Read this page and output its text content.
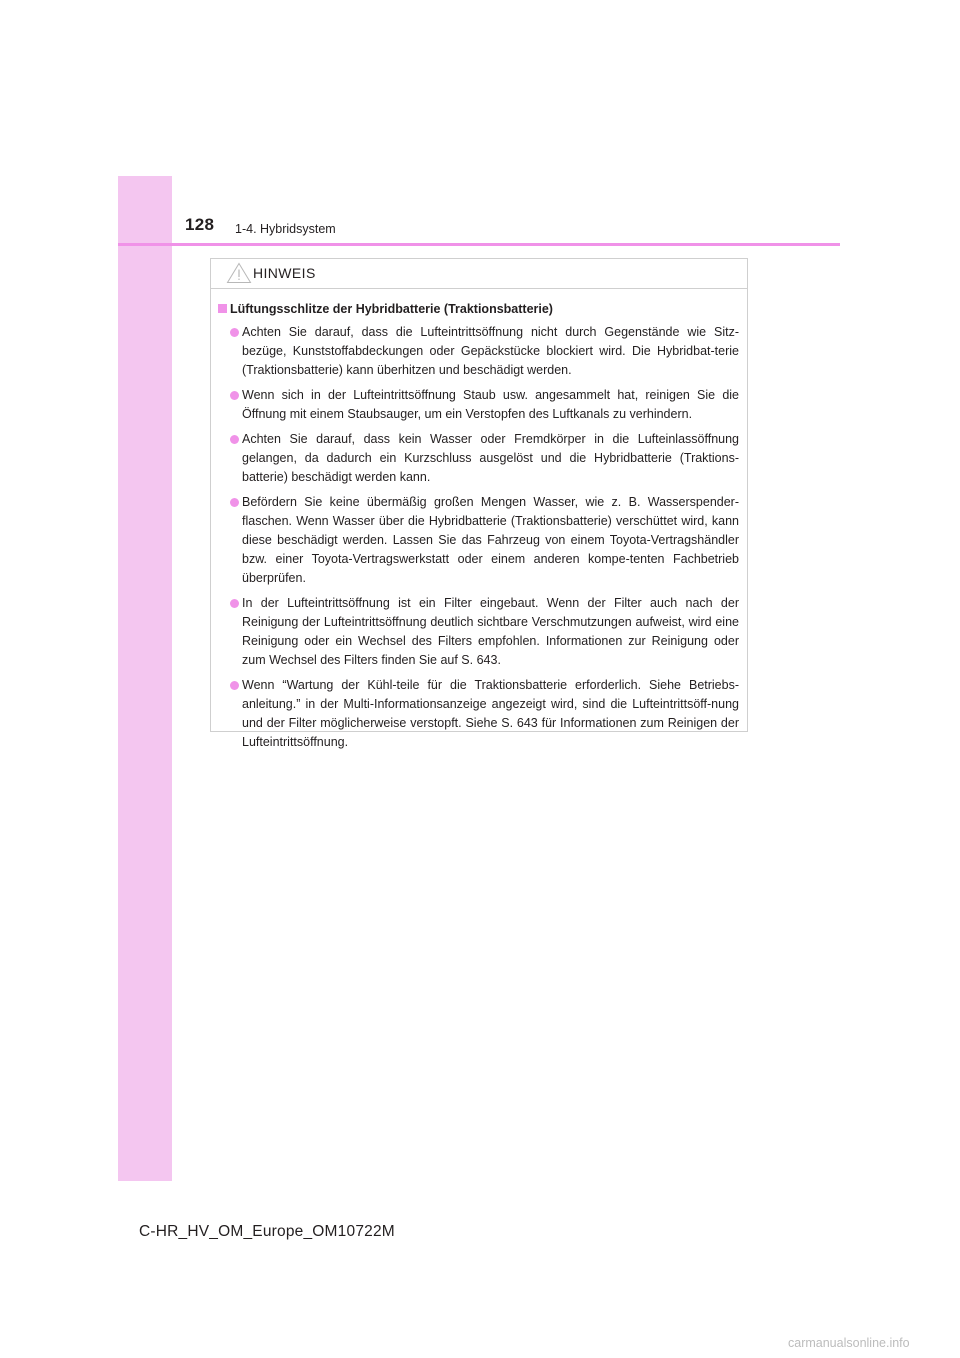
128 1-4. Hybridsystem
HINWEIS
Lüftungsschlitze der Hybridbatterie (Traktionsbatterie)
Achten Sie darauf, dass die Lufteintrittsöffnung nicht durch Gegenstände wie Sitz-bezüge, Kunststoffabdeckungen oder Gepäckstücke blockiert wird. Die Hybridbat-terie (Traktionsbatterie) kann überhitzen und beschädigt werden.
Wenn sich in der Lufteintrittsöffnung Staub usw. angesammelt hat, reinigen Sie die Öffnung mit einem Staubsauger, um ein Verstopfen des Luftkanals zu verhindern.
Achten Sie darauf, dass kein Wasser oder Fremdkörper in die Lufteinlassöffnung gelangen, da dadurch ein Kurzschluss ausgelöst und die Hybridbatterie (Traktions-batterie) beschädigt werden kann.
Befördern Sie keine übermäßig großen Mengen Wasser, wie z. B. Wasserspender-flaschen. Wenn Wasser über die Hybridbatterie (Traktionsbatterie) verschüttet wird, kann diese beschädigt werden. Lassen Sie das Fahrzeug von einem Toyota-Vertragshändler bzw. einer Toyota-Vertragswerkstatt oder einem anderen kompe-tenten Fachbetrieb überprüfen.
In der Lufteintrittsöffnung ist ein Filter eingebaut. Wenn der Filter auch nach der Reinigung der Lufteintrittsöffnung deutlich sichtbare Verschmutzungen aufweist, wird eine Reinigung oder ein Wechsel des Filters empfohlen. Informationen zur Reinigung oder zum Wechsel des Filters finden Sie auf S. 643.
Wenn “Wartung der Kühl-teile für die Traktionsbatterie erforderlich. Siehe Betriebs-anleitung.” in der Multi-Informationsanzeige angezeigt wird, sind die Lufteintrittsöff-nung und der Filter möglicherweise verstopft. Siehe S. 643 für Informationen zum Reinigen der Lufteintrittsöffnung.
C-HR_HV_OM_Europe_OM10722M
carmanualsonline.info
